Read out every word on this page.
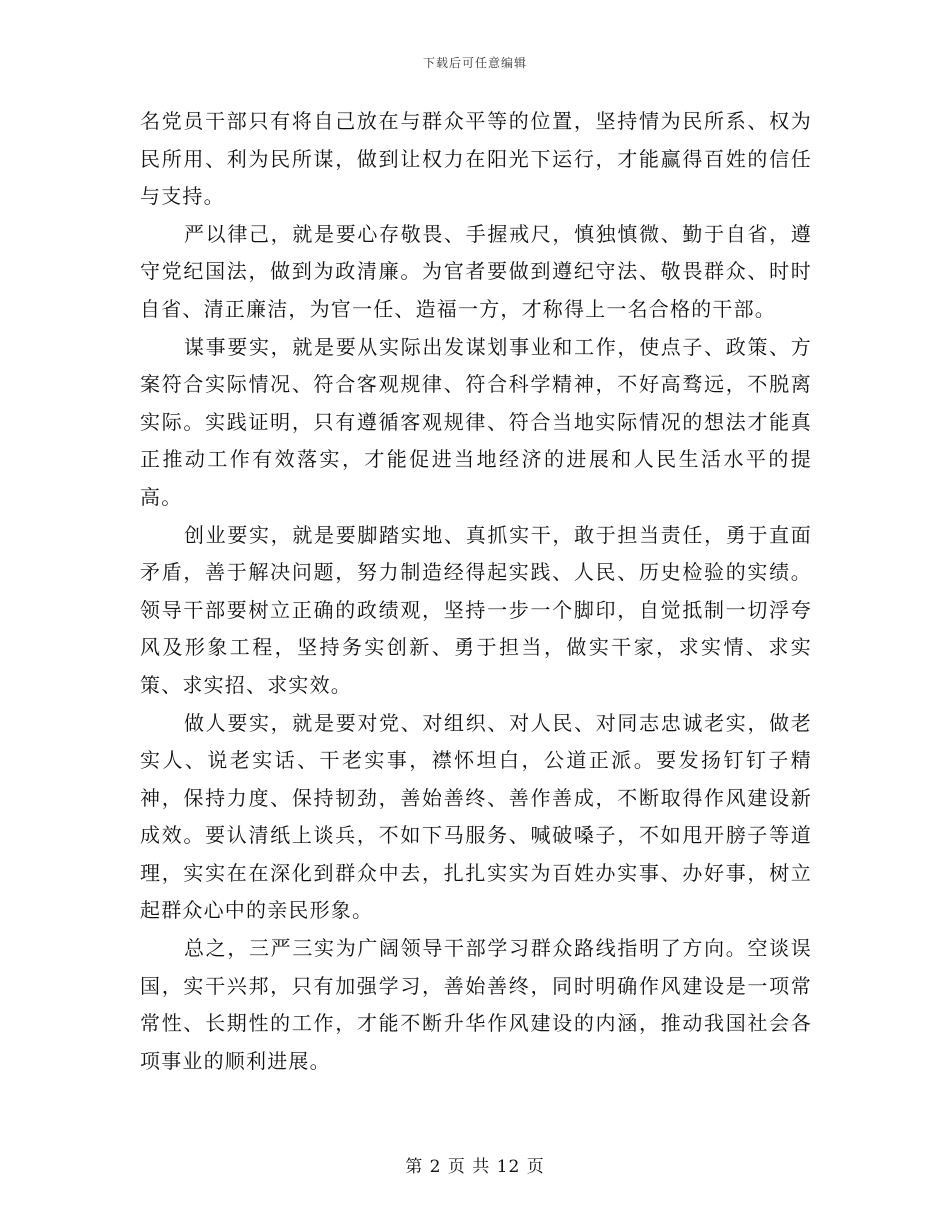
下载后可任意编辑

名党员干部只有将自己放在与群众平等的位置，坚持情为民所系、权为民所用、利为民所谋，做到让权力在阳光下运行，才能赢得百姓的信任与支持。

严以律己，就是要心存敬畏、手握戒尺，慎独慎微、勤于自省，遵守党纪国法，做到为政清廉。为官者要做到遵纪守法、敬畏群众、时时自省、清正廉洁，为官一任、造福一方，才称得上一名合格的干部。

谋事要实，就是要从实际出发谋划事业和工作，使点子、政策、方案符合实际情况、符合客观规律、符合科学精神，不好高骛远，不脱离实际。实践证明，只有遵循客观规律、符合当地实际情况的想法才能真正推动工作有效落实，才能促进当地经济的进展和人民生活水平的提高。

创业要实，就是要脚踏实地、真抓实干，敢于担当责任，勇于直面矛盾，善于解决问题，努力制造经得起实践、人民、历史检验的实绩。领导干部要树立正确的政绩观，坚持一步一个脚印，自觉抵制一切浮夸风及形象工程，坚持务实创新、勇于担当，做实干家，求实情、求实策、求实招、求实效。

做人要实，就是要对党、对组织、对人民、对同志忠诚老实，做老实人、说老实话、干老实事，襟怀坦白，公道正派。要发扬钉钉子精神，保持力度、保持韧劲，善始善终、善作善成，不断取得作风建设新成效。要认清纸上谈兵，不如下马服务、喊破嗓子，不如甩开膀子等道理，实实在在深化到群众中去，扎扎实实为百姓办实事、办好事，树立起群众心中的亲民形象。

总之，三严三实为广阔领导干部学习群众路线指明了方向。空谈误国，实干兴邦，只有加强学习，善始善终，同时明确作风建设是一项常常性、长期性的工作，才能不断升华作风建设的内涵，推动我国社会各项事业的顺利进展。

第 2 页 共 12 页
